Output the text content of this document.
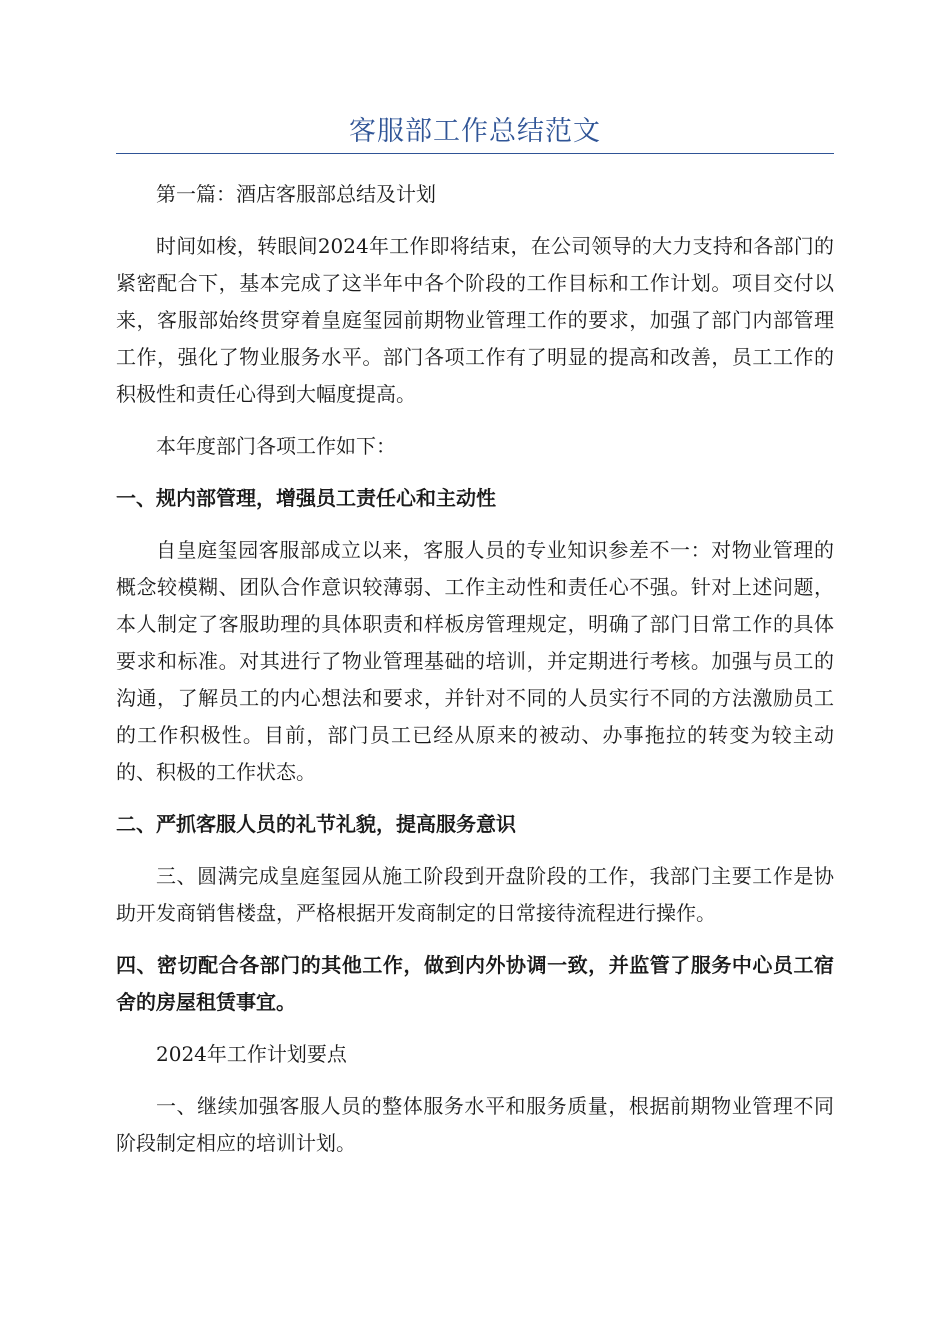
客服部工作总结范文

第一篇：酒店客服部总结及计划

时间如梭，转眼间2024年工作即将结束，在公司领导的大力支持和各部门的紧密配合下，基本完成了这半年中各个阶段的工作目标和工作计划。项目交付以来，客服部始终贯穿着皇庭玺园前期物业管理工作的要求，加强了部门内部管理工作，强化了物业服务水平。部门各项工作有了明显的提高和改善，员工工作的积极性和责任心得到大幅度提高。

本年度部门各项工作如下：

一、规内部管理，增强员工责任心和主动性

自皇庭玺园客服部成立以来，客服人员的专业知识参差不一：对物业管理的概念较模糊、团队合作意识较薄弱、工作主动性和责任心不强。针对上述问题，本人制定了客服助理的具体职责和样板房管理规定，明确了部门日常工作的具体要求和标准。对其进行了物业管理基础的培训，并定期进行考核。加强与员工的沟通，了解员工的内心想法和要求，并针对不同的人员实行不同的方法激励员工的工作积极性。目前，部门员工已经从原来的被动、办事拖拉的转变为较主动的、积极的工作状态。

二、严抓客服人员的礼节礼貌，提高服务意识

三、圆满完成皇庭玺园从施工阶段到开盘阶段的工作，我部门主要工作是协助开发商销售楼盘，严格根据开发商制定的日常接待流程进行操作。

四、密切配合各部门的其他工作，做到内外协调一致，并监管了服务中心员工宿舍的房屋租赁事宜。

2024年工作计划要点

一、继续加强客服人员的整体服务水平和服务质量，根据前期物业管理不同阶段制定相应的培训计划。
